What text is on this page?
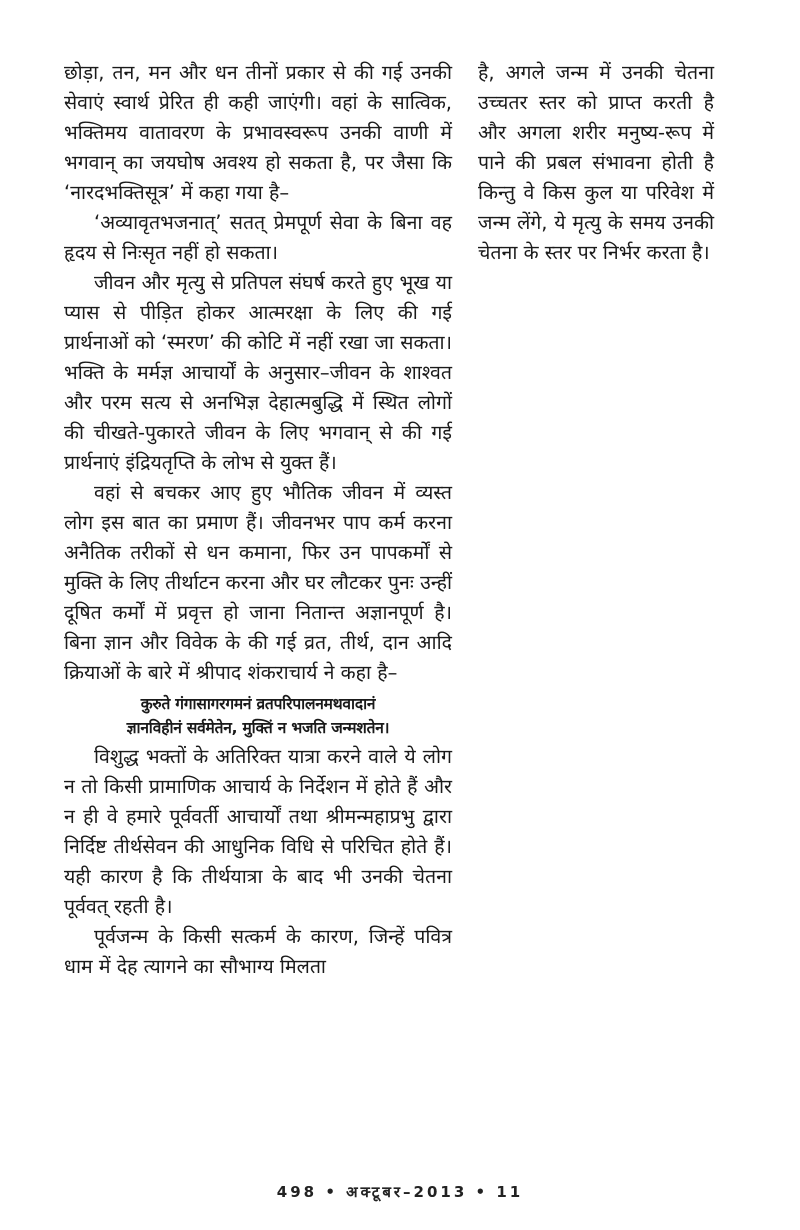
छोड़ा, तन, मन और धन तीनों प्रकार से की गई उनकी सेवाएं स्वार्थ प्रेरित ही कही जाएंगी। वहां के सात्विक, भक्तिमय वातावरण के प्रभावस्वरूप उनकी वाणी में भगवान् का जयघोष अवश्य हो सकता है, पर जैसा कि ‘नारदभक्तिसूत्र’ में कहा गया है–

‘अव्यावृतभजनात्’ सतत् प्रेमपूर्ण सेवा के बिना वह हृदय से निःसृत नहीं हो सकता।

जीवन और मृत्यु से प्रतिपल संघर्ष करते हुए भूख या प्यास से पीड़ित होकर आत्मरक्षा के लिए की गई प्रार्थनाओं को ‘स्मरण’ की कोटि में नहीं रखा जा सकता। भक्ति के मर्मज्ञ आचार्यों के अनुसार–जीवन के शाश्वत और परम सत्य से अनभिज्ञ देहात्मबुद्धि में स्थित लोगों की चीखते-पुकारते जीवन के लिए भगवान् से की गई प्रार्थनाएं इंद्रियतृप्ति के लोभ से युक्त हैं।

वहां से बचकर आए हुए भौतिक जीवन में व्यस्त लोग इस बात का प्रमाण हैं। जीवनभर पाप कर्म करना अनैतिक तरीकों से धन कमाना, फिर उन पापकर्मों से मुक्ति के लिए तीर्थाटन करना और घर लौटकर पुनः उन्हीं दूषित कर्मों में प्रवृत्त हो जाना नितान्त अज्ञानपूर्ण है। बिना ज्ञान और विवेक के की गई व्रत, तीर्थ, दान आदि क्रियाओं के बारे में श्रीपाद शंकराचार्य ने कहा है–

कुरुते गंगासागरगमनं व्रतपरिपालनमथवादानं
ज्ञानविहीनं सर्वमेतेन, मुक्तिं न भजति जन्मशतेन।

विशुद्ध भक्तों के अतिरिक्त यात्रा करने वाले ये लोग न तो किसी प्रामाणिक आचार्य के निर्देशन में होते हैं और न ही वे हमारे पूर्ववर्ती आचार्यों तथा श्रीमन्महाप्रभु द्वारा निर्दिष्ट तीर्थसेवन की आधुनिक विधि से परिचित होते हैं। यही कारण है कि तीर्थयात्रा के बाद भी उनकी चेतना पूर्ववत् रहती है।

पूर्वजन्म के किसी सत्कर्म के कारण, जिन्हें पवित्र धाम में देह त्यागने का सौभाग्य मिलता

है, अगले जन्म में उनकी चेतना उच्चतर स्तर को प्राप्त करती है और अगला शरीर मनुष्य-रूप में पाने की प्रबल संभावना होती है किन्तु वे किस कुल या परिवेश में जन्म लेंगे, ये मृत्यु के समय उनकी चेतना के स्तर पर निर्भर करता है।

498 • अक्टूबर–2013 • 11
